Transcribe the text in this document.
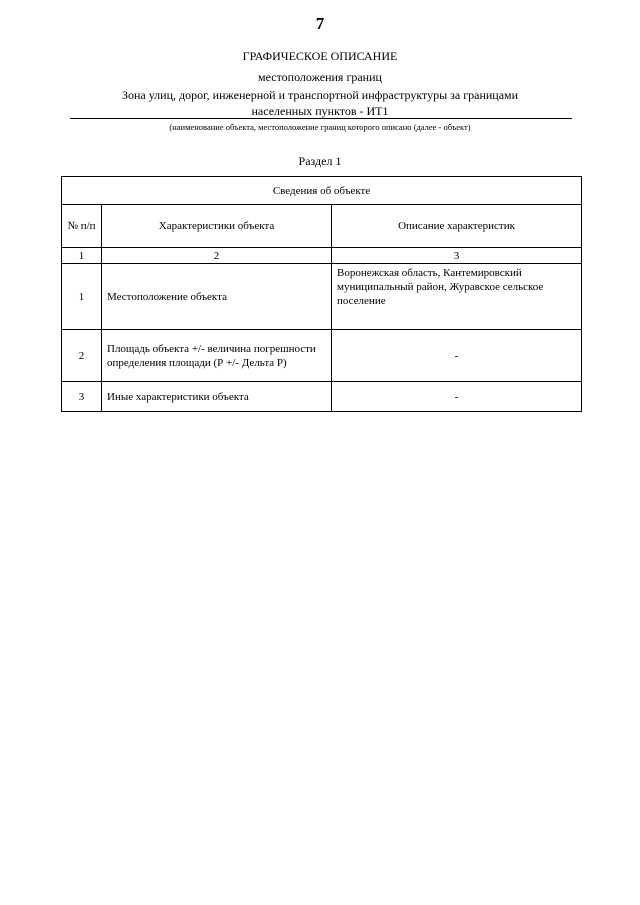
7
ГРАФИЧЕСКОЕ ОПИСАНИЕ
местоположения границ
Зона улиц, дорог, инженерной и транспортной инфраструктуры за границами
населенных пунктов - ИТ1
(наименование объекта, местоположение границ которого описано (далее - объект)
Раздел 1
Сведения об объекте		
№ п/п	Характеристики объекта	Описание характеристик
1	2	3
1	Местоположение объекта	Воронежская область, Кантемировский муниципальный район, Журавское сельское поселение
2	Площадь объекта +/- величина погрешности определения площади (Р +/- Дельта Р)	-
3	Иные характеристики объекта	-
